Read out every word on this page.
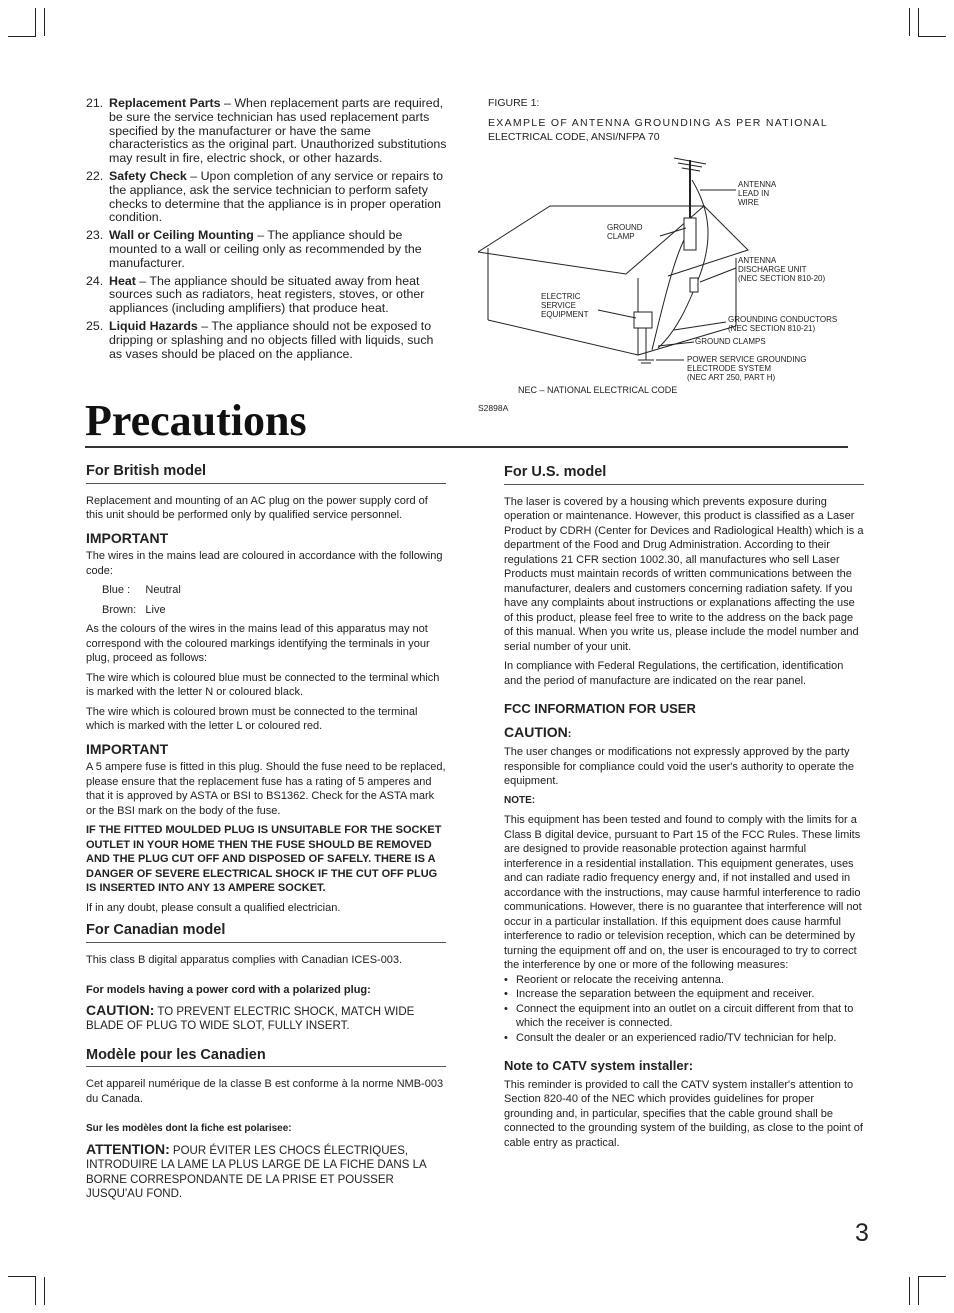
21. Replacement Parts – When replacement parts are required, be sure the service technician has used replacement parts specified by the manufacturer or have the same characteristics as the original part. Unauthorized substitutions may result in fire, electric shock, or other hazards.
22. Safety Check – Upon completion of any service or repairs to the appliance, ask the service technician to perform safety checks to determine that the appliance is in proper operation condition.
23. Wall or Ceiling Mounting – The appliance should be mounted to a wall or ceiling only as recommended by the manufacturer.
24. Heat – The appliance should be situated away from heat sources such as radiators, heat registers, stoves, or other appliances (including amplifiers) that produce heat.
25. Liquid Hazards – The appliance should not be exposed to dripping or splashing and no objects filled with liquids, such as vases should be placed on the appliance.
FIGURE 1:
EXAMPLE OF ANTENNA GROUNDING AS PER NATIONAL
ELECTRICAL CODE, ANSI/NFPA 70
ANTENNA
LEAD IN
WIRE
GROUND
CLAMP
ANTENNA
DISCHARGE UNIT
(NEC SECTION 810-20)
ELECTRIC
SERVICE
EQUIPMENT
GROUNDING CONDUCTORS
(NEC SECTION 810-21)
GROUND CLAMPS
POWER SERVICE GROUNDING
ELECTRODE SYSTEM
(NEC ART 250, PART H)
NEC – NATIONAL ELECTRICAL CODE
S2898A
Precautions
For British model

Replacement and mounting of an AC plug on the power supply cord of this unit should be performed only by qualified service personnel.

IMPORTANT

The wires in the mains lead are coloured in accordance with the following code:

Blue :     Neutral

Brown:   Live

As the colours of the wires in the mains lead of this apparatus may not correspond with the coloured markings identifying the terminals in your plug, proceed as follows:

The wire which is coloured blue must be connected to the terminal which is marked with the letter N or coloured black.

The wire which is coloured brown must be connected to the terminal which is marked with the letter L or coloured red.

IMPORTANT

A 5 ampere fuse is fitted in this plug. Should the fuse need to be replaced, please ensure that the replacement fuse has a rating of 5 amperes and that it is approved by ASTA or BSI to BS1362. Check for the ASTA mark or the BSI mark on the body of the fuse.

IF THE FITTED MOULDED PLUG IS UNSUITABLE FOR THE SOCKET OUTLET IN YOUR HOME THEN THE FUSE SHOULD BE REMOVED AND THE PLUG CUT OFF AND DISPOSED OF SAFELY. THERE IS A DANGER OF SEVERE ELECTRICAL SHOCK IF THE CUT OFF PLUG IS INSERTED INTO ANY 13 AMPERE SOCKET.

If in any doubt, please consult a qualified electrician.

For Canadian model

This class B digital apparatus complies with Canadian ICES-003.

For models having a power cord with a polarized plug:

CAUTION: TO PREVENT ELECTRIC SHOCK, MATCH WIDE BLADE OF PLUG TO WIDE SLOT, FULLY INSERT.

Modèle pour les Canadien

Cet appareil numérique de la classe B est conforme à la norme NMB-003 du Canada.

Sur les modèles dont la fiche est polarisee:

ATTENTION: POUR ÉVITER LES CHOCS ÉLECTRIQUES, INTRODUIRE LA LAME LA PLUS LARGE DE LA FICHE DANS LA BORNE CORRESPONDANTE DE LA PRISE ET POUSSER JUSQU'AU FOND.

For U.S. model

The laser is covered by a housing which prevents exposure during operation or maintenance. However, this product is classified as a Laser Product by CDRH (Center for Devices and Radiological Health) which is a department of the Food and Drug Administration. According to their regulations 21 CFR section 1002.30, all manufactures who sell Laser Products must maintain records of written communications between the manufacturer, dealers and customers concerning radiation safety. If you have any complaints about instructions or explanations affecting the use of this product, please feel free to write to the address on the back page of this manual. When you write us, please include the model number and serial number of your unit.

In compliance with Federal Regulations, the certification, identification and the period of manufacture are indicated on the rear panel.

FCC INFORMATION FOR USER
CAUTION:

The user changes or modifications not expressly approved by the party responsible for compliance could void the user's authority to operate the equipment.

NOTE:

This equipment has been tested and found to comply with the limits for a Class B digital device, pursuant to Part 15 of the FCC Rules. These limits are designed to provide reasonable protection against harmful interference in a residential installation. This equipment generates, uses and can radiate radio frequency energy and, if not installed and used in accordance with the instructions, may cause harmful interference to radio communications. However, there is no guarantee that interference will not occur in a particular installation. If this equipment does cause harmful interference to radio or television reception, which can be determined by turning the equipment off and on, the user is encouraged to try to correct the interference by one or more of the following measures:

• Reorient or relocate the receiving antenna.
• Increase the separation between the equipment and receiver.
• Connect the equipment into an outlet on a circuit different from that to which the receiver is connected.
• Consult the dealer or an experienced radio/TV technician for help.
Note to CATV system installer:

This reminder is provided to call the CATV system installer's attention to Section 820-40 of the NEC which provides guidelines for proper grounding and, in particular, specifies that the cable ground shall be connected to the grounding system of the building, as close to the point of cable entry as practical.

3
